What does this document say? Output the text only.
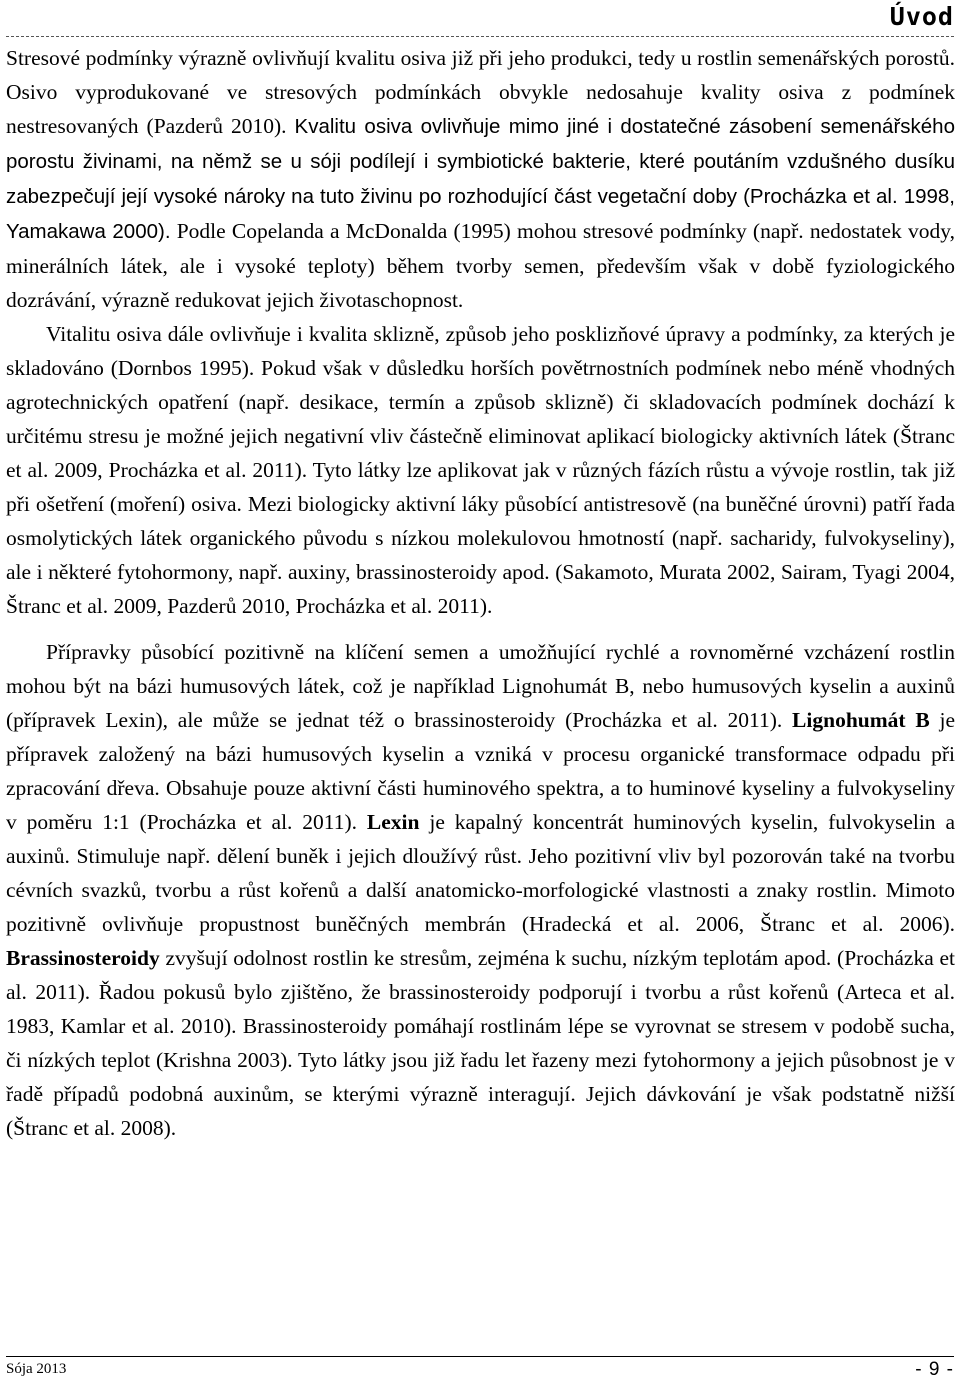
Úvod

Stresové podmínky výrazně ovlivňují kvalitu osiva již při jeho produkci, tedy u rostlin semenářských porostů. Osivo vyprodukované ve stresových podmínkách obvykle nedosahuje kvality osiva z podmínek nestresovaných (Pazderů 2010). Kvalitu osiva ovlivňuje mimo jiné i dostatečné zásobení semenářského porostu živinami, na němž se u sóji podílejí i symbiotické bakterie, které poutáním vzdušného dusíku zabezpečují její vysoké nároky na tuto živinu po rozhodující část vegetační doby (Procházka et al. 1998, Yamakawa 2000). Podle Copelanda a McDonalda (1995) mohou stresové podmínky (např. nedostatek vody, minerálních látek, ale i vysoké teploty) během tvorby semen, především však v době fyziologického dozrávání, výrazně redukovat jejich životaschopnost.

Vitalitu osiva dále ovlivňuje i kvalita sklizně, způsob jeho posklizňové úpravy a podmínky, za kterých je skladováno (Dornbos 1995). Pokud však v důsledku horších povětrnostních podmínek nebo méně vhodných agrotechnických opatření (např. desikace, termín a způsob sklizně) či skladovacích podmínek dochází k určitému stresu je možné jejich negativní vliv částečně eliminovat aplikací biologicky aktivních látek (Štranc et al. 2009, Procházka et al. 2011). Tyto látky lze aplikovat jak v různých fázích růstu a vývoje rostlin, tak již při ošetření (moření) osiva. Mezi biologicky aktivní láky působící antistresově (na buněčné úrovni) patří řada osmolytických látek organického původu s nízkou molekulovou hmotností (např. sacharidy, fulvokyseliny), ale i některé fytohormony, např. auxiny, brassinosteroidy apod. (Sakamoto, Murata 2002, Sairam, Tyagi 2004, Štranc et al. 2009, Pazderů 2010, Procházka et al. 2011).

Přípravky působící pozitivně na klíčení semen a umožňující rychlé a rovnoměrné vzcházení rostlin mohou být na bázi humusových látek, což je například Lignohumát B, nebo humusových kyselin a auxinů (přípravek Lexin), ale může se jednat též o brassinosteroidy (Procházka et al. 2011). Lignohumát B je přípravek založený na bázi humusových kyselin a vzniká v procesu organické transformace odpadu při zpracování dřeva. Obsahuje pouze aktivní části huminového spektra, a to huminové kyseliny a fulvokyseliny v poměru 1:1 (Procházka et al. 2011). Lexin je kapalný koncentrát huminových kyselin, fulvokyselin a auxinů. Stimuluje např. dělení buněk i jejich dloužívý růst. Jeho pozitivní vliv byl pozorován také na tvorbu cévních svazků, tvorbu a růst kořenů a další anatomicko-morfologické vlastnosti a znaky rostlin. Mimoto pozitivně ovlivňuje propustnost buněčných membrán (Hradecká et al. 2006, Štranc et al. 2006). Brassinosteroidy zvyšují odolnost rostlin ke stresům, zejména k suchu, nízkým teplotám apod. (Procházka et al. 2011). Řadou pokusů bylo zjištěno, že brassinosteroidy podporují i tvorbu a růst kořenů (Arteca et al. 1983, Kamlar et al. 2010). Brassinosteroidy pomáhají rostlinám lépe se vyrovnat se stresem v podobě sucha, či nízkých teplot (Krishna 2003). Tyto látky jsou již řadu let řazeny mezi fytohormony a jejich působnost je v řadě případů podobná auxinům, se kterými výrazně interagují. Jejich dávkování je však podstatně nižší (Štranc et al. 2008).

Sója 2013	- 9 -
